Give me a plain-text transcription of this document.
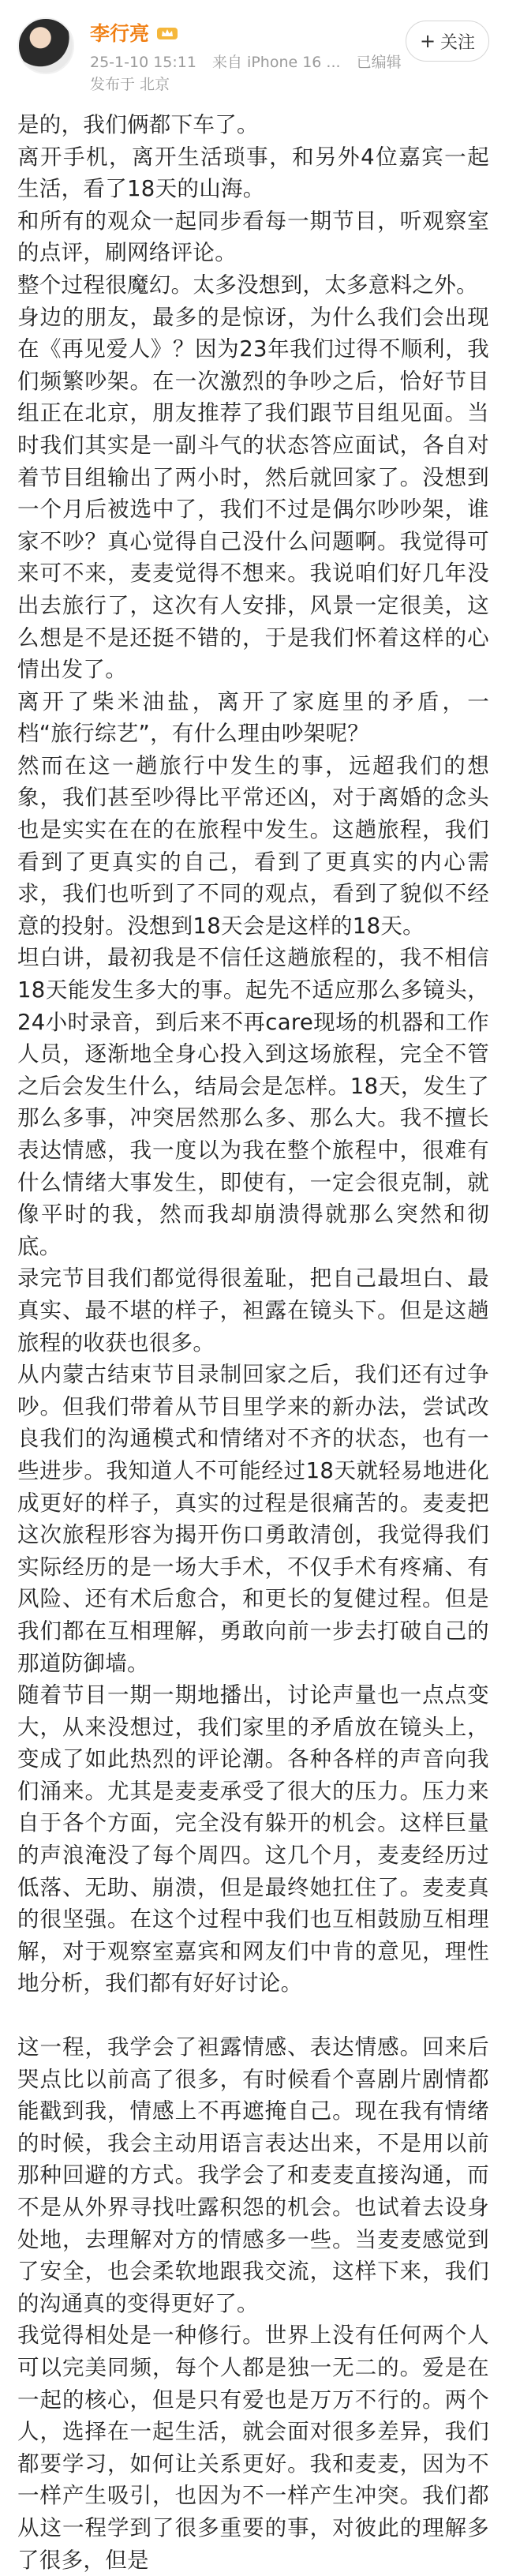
李行亮
25-1-10 15:11 来自 iPhone 16 ... 已编辑
发布于 北京
+ 关注

是的，我们俩都下车了。

离开手机，离开生活琐事，和另外4位嘉宾一起生活，看了18天的山海。

和所有的观众一起同步看每一期节目，听观察室的点评，刷网络评论。

整个过程很魔幻。太多没想到，太多意料之外。

身边的朋友，最多的是惊讶，为什么我们会出现在《再见爱人》？因为23年我们过得不顺利，我们频繁吵架。在一次激烈的争吵之后，恰好节目组正在北京，朋友推荐了我们跟节目组见面。当时我们其实是一副斗气的状态答应面试，各自对着节目组输出了两小时，然后就回家了。没想到一个月后被选中了，我们不过是偶尔吵吵架，谁家不吵？真心觉得自己没什么问题啊。我觉得可来可不来，麦麦觉得不想来。我说咱们好几年没出去旅行了，这次有人安排，风景一定很美，这么想是不是还挺不错的，于是我们怀着这样的心情出发了。

离开了柴米油盐，离开了家庭里的矛盾，一档“旅行综艺”，有什么理由吵架呢？

然而在这一趟旅行中发生的事，远超我们的想象，我们甚至吵得比平常还凶，对于离婚的念头也是实实在在的在旅程中发生。这趟旅程，我们看到了更真实的自己，看到了更真实的内心需求，我们也听到了不同的观点，看到了貌似不经意的投射。没想到18天会是这样的18天。

坦白讲，最初我是不信任这趟旅程的，我不相信18天能发生多大的事。起先不适应那么多镜头，24小时录音，到后来不再care现场的机器和工作人员，逐渐地全身心投入到这场旅程，完全不管之后会发生什么，结局会是怎样。18天，发生了那么多事，冲突居然那么多、那么大。我不擅长表达情感，我一度以为我在整个旅程中，很难有什么情绪大事发生，即使有，一定会很克制，就像平时的我，然而我却崩溃得就那么突然和彻底。

录完节目我们都觉得很羞耻，把自己最坦白、最真实、最不堪的样子，袒露在镜头下。但是这趟旅程的收获也很多。

从内蒙古结束节目录制回家之后，我们还有过争吵。但我们带着从节目里学来的新办法，尝试改良我们的沟通模式和情绪对不齐的状态，也有一些进步。我知道人不可能经过18天就轻易地进化成更好的样子，真实的过程是很痛苦的。麦麦把这次旅程形容为揭开伤口勇敢清创，我觉得我们实际经历的是一场大手术，不仅手术有疼痛、有风险、还有术后愈合，和更长的复健过程。但是我们都在互相理解，勇敢向前一步去打破自己的那道防御墙。

随着节目一期一期地播出，讨论声量也一点点变大，从来没想过，我们家里的矛盾放在镜头上，变成了如此热烈的评论潮。各种各样的声音向我们涌来。尤其是麦麦承受了很大的压力。压力来自于各个方面，完全没有躲开的机会。这样巨量的声浪淹没了每个周四。这几个月，麦麦经历过低落、无助、崩溃，但是最终她扛住了。麦麦真的很坚强。在这个过程中我们也互相鼓励互相理解，对于观察室嘉宾和网友们中肯的意见，理性地分析，我们都有好好讨论。

这一程，我学会了袒露情感、表达情感。回来后哭点比以前高了很多，有时候看个喜剧片剧情都能戳到我，情感上不再遮掩自己。现在我有情绪的时候，我会主动用语言表达出来，不是用以前那种回避的方式。我学会了和麦麦直接沟通，而不是从外界寻找吐露积怨的机会。也试着去设身处地，去理解对方的情感多一些。当麦麦感觉到了安全，也会柔软地跟我交流，这样下来，我们的沟通真的变得更好了。

我觉得相处是一种修行。世界上没有任何两个人可以完美同频，每个人都是独一无二的。爱是在一起的核心，但是只有爱也是万万不行的。两个人，选择在一起生活，就会面对很多差异，我们都要学习，如何让关系更好。我和麦麦，因为不一样产生吸引，也因为不一样产生冲突。我们都从这一程学到了很多重要的事，对彼此的理解多了很多，但是
